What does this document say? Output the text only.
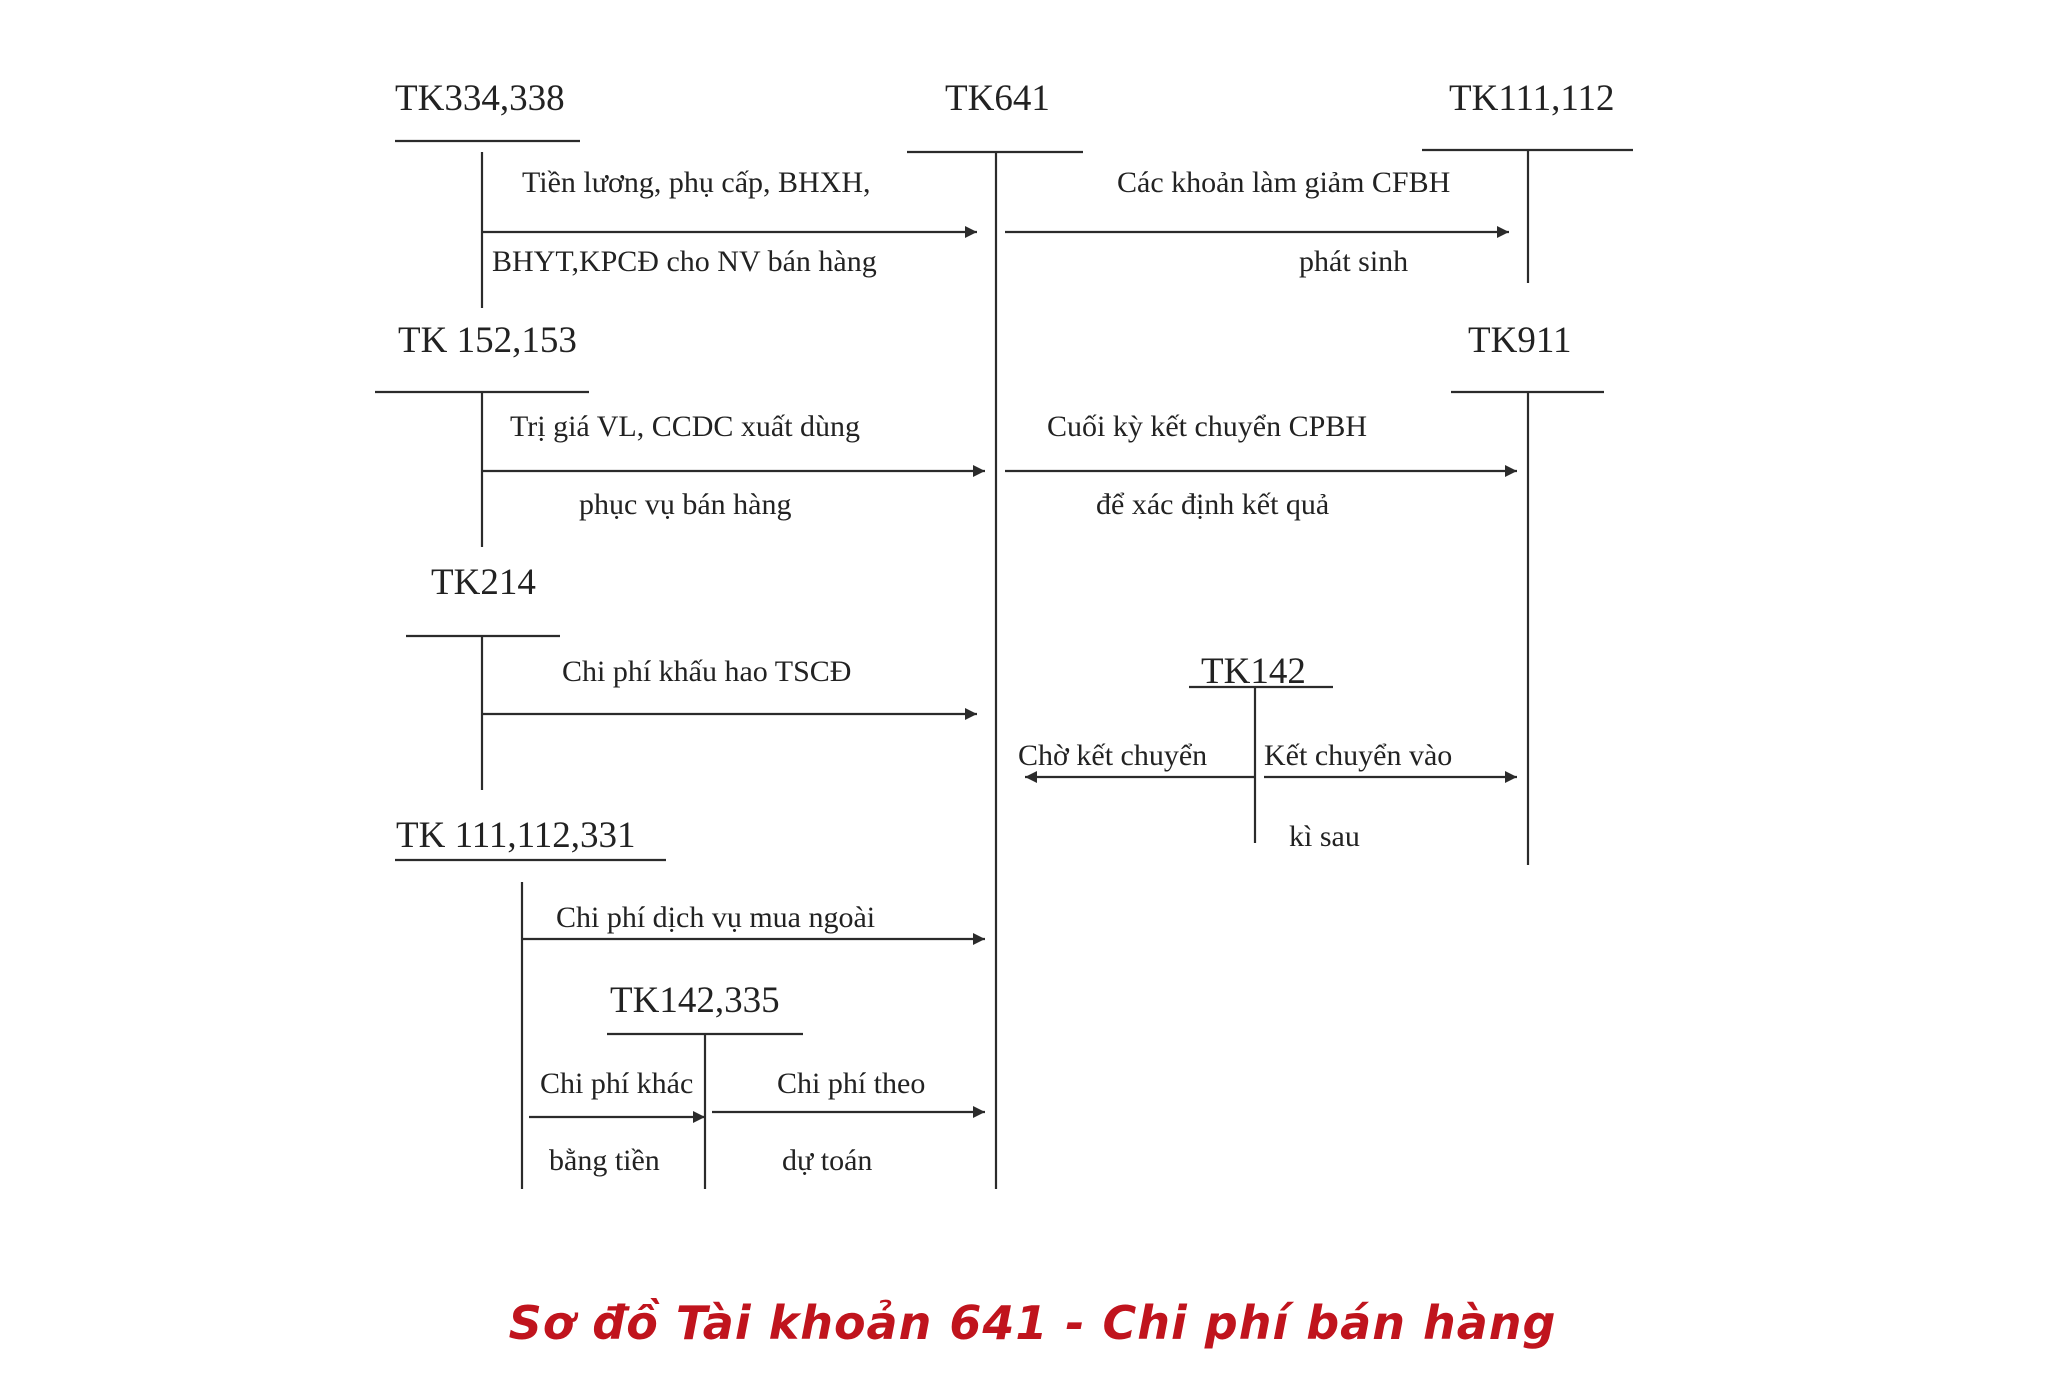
TK334,338	TK641	TK111,112
TK 152,153	TK911
TK214
TK142
TK 111,112,331
TK142,335
Tiền lương, phụ cấp, BHXH,
BHYT,KPCĐ cho NV bán hàng
Các khoản làm giảm CFBH
phát sinh
Trị giá VL, CCDC xuất dùng
phục vụ bán hàng
Cuối kỳ kết chuyển CPBH
để xác định kết quả
Chi phí khấu hao TSCĐ
Chờ kết chuyển Kết chuyển vào
kì sau
Chi phí dịch vụ mua ngoài
Chi phí khác
bằng tiền
Chi phí theo
dự toán
Sơ đồ Tài khoản 641 - Chi phí bán hàng
